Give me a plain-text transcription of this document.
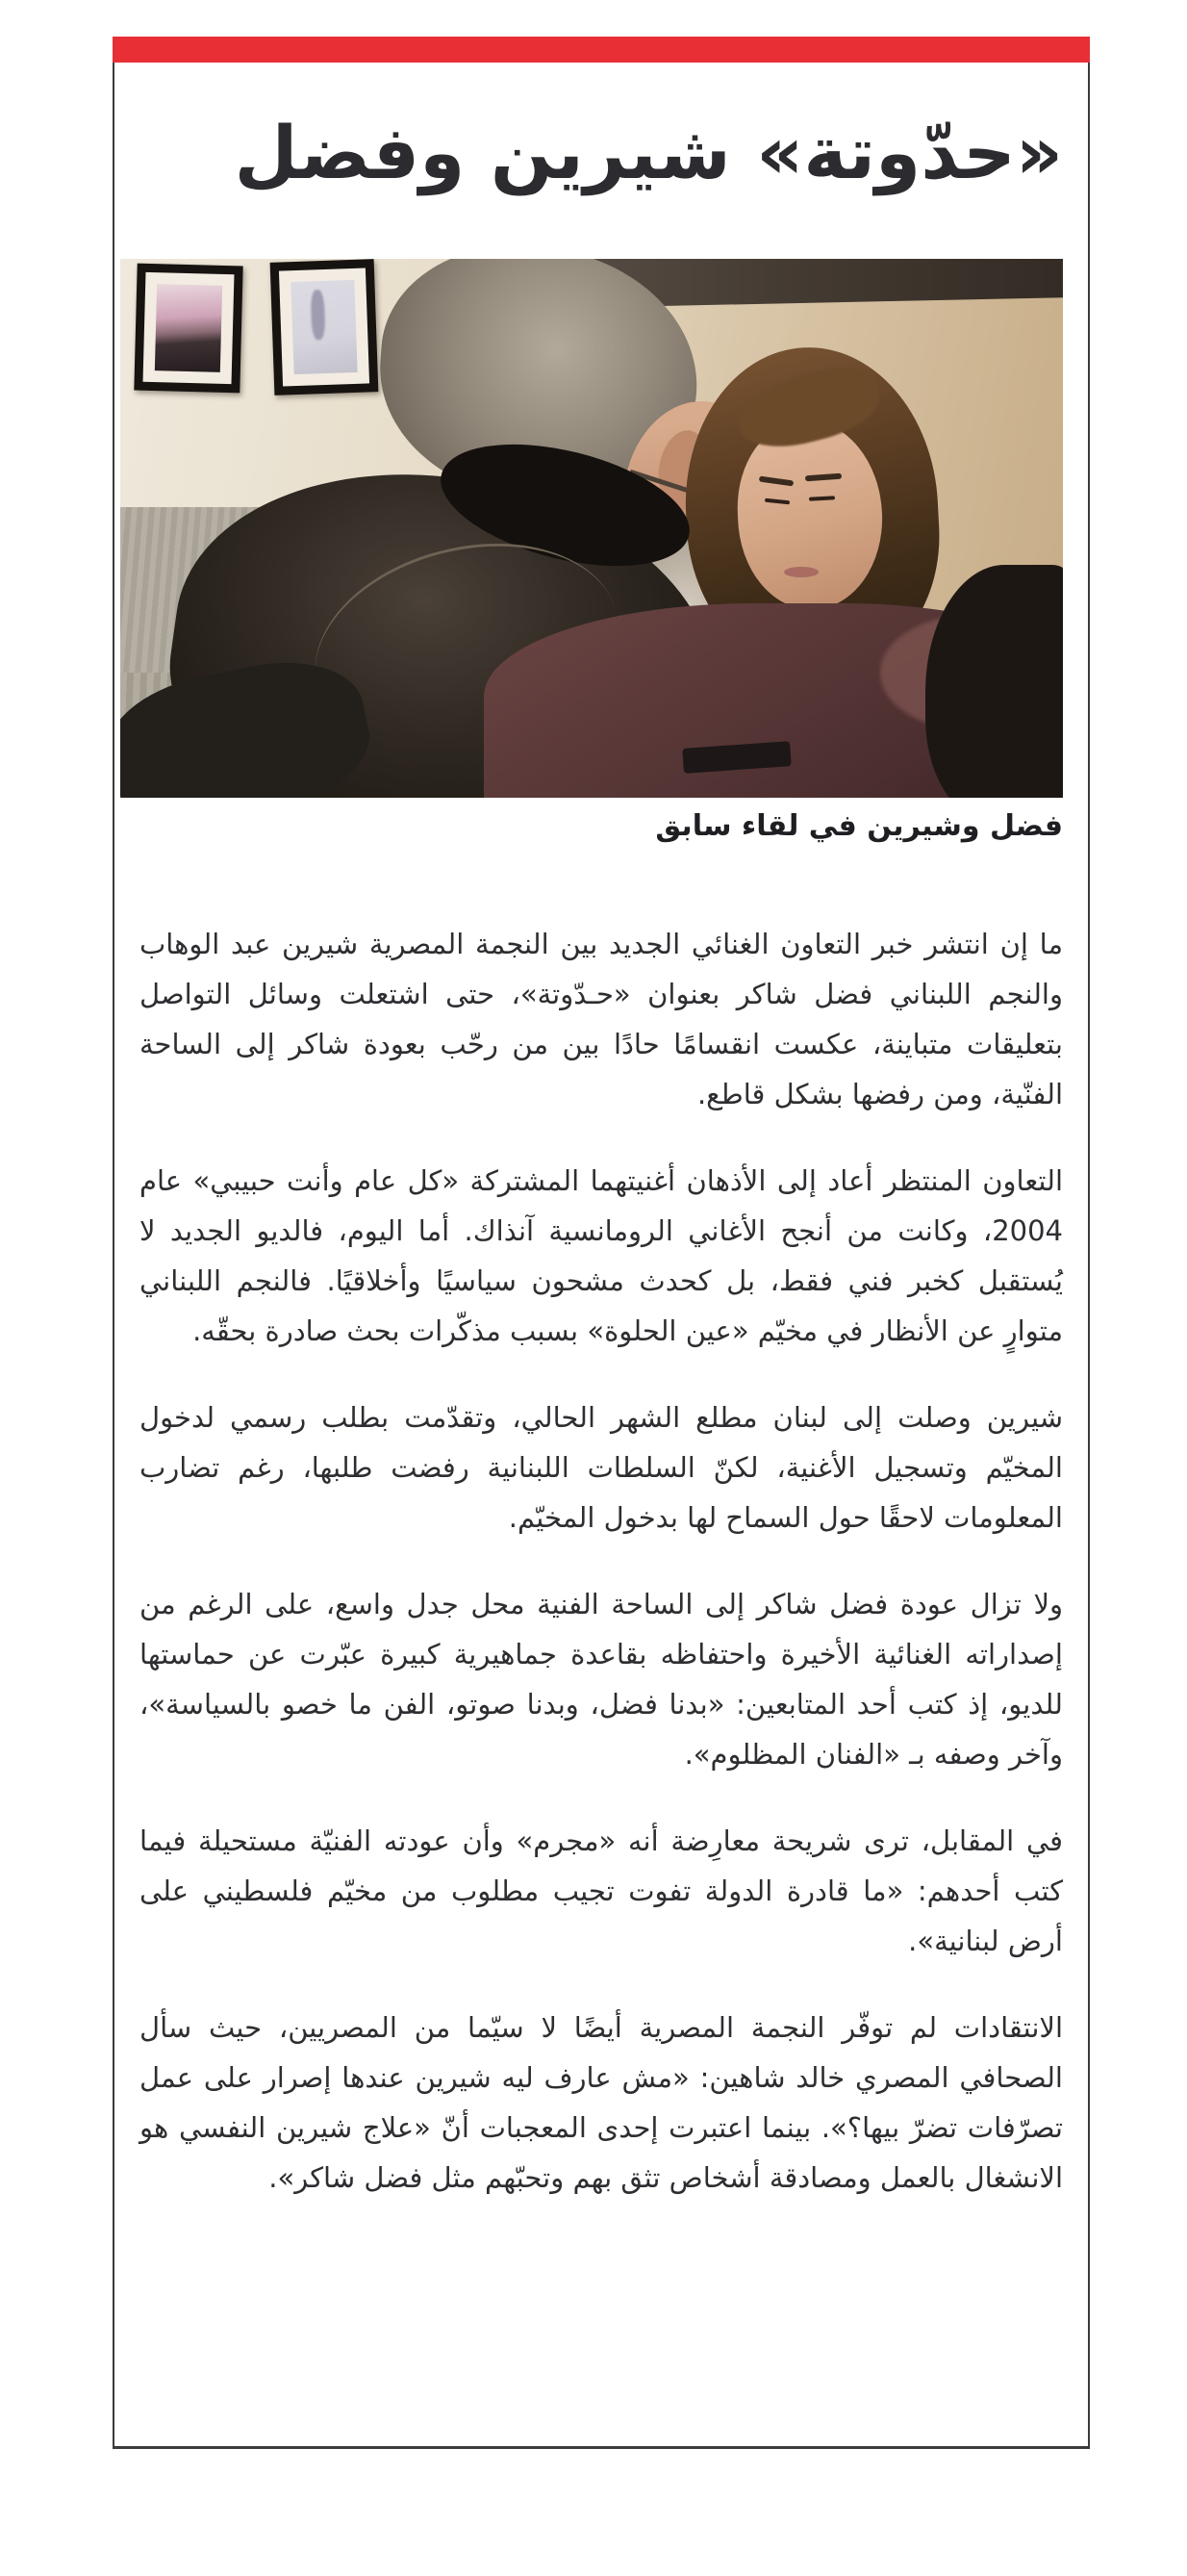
«حدّوتة» شيرين وفضل
فضل وشيرين في لقاء سابق

ما إن انتشر خبر التعاون الغنائي الجديد بين النجمة المصرية شيرين عبد الوهاب والنجم اللبناني فضل شاكر بعنوان «حـدّوتة»، حتى اشتعلت وسائل التواصل بتعليقات متباينة، عكست انقسامًا حادًا بين من رحّب بعودة شاكر إلى الساحة الفنّية، ومن رفضها بشكل قاطع.

التعاون المنتظر أعاد إلى الأذهان أغنيتهما المشتركة «كل عام وأنت حبيبي» عام 2004، وكانت من أنجح الأغاني الرومانسية آنذاك. أما اليوم، فالديو الجديد لا يُستقبل كخبر فني فقط، بل كحدث مشحون سياسيًا وأخلاقيًا. فالنجم اللبناني متوارٍ عن الأنظار في مخيّم «عين الحلوة» بسبب مذكّرات بحث صادرة بحقّه.

شيرين وصلت إلى لبنان مطلع الشهر الحالي، وتقدّمت بطلب رسمي لدخول المخيّم وتسجيل الأغنية، لكنّ السلطات اللبنانية رفضت طلبها، رغم تضارب المعلومات لاحقًا حول السماح لها بدخول المخيّم.

ولا تزال عودة فضل شاكر إلى الساحة الفنية محل جدل واسع، على الرغم من إصداراته الغنائية الأخيرة واحتفاظه بقاعدة جماهيرية كبيرة عبّرت عن حماستها للديو، إذ كتب أحد المتابعين: «بدنا فضل، وبدنا صوتو، الفن ما خصو بالسياسة»، وآخر وصفه بـ «الفنان المظلوم».

في المقابل، ترى شريحة معارِضة أنه «مجرم» وأن عودته الفنيّة مستحيلة فيما كتب أحدهم: «ما قادرة الدولة تفوت تجيب مطلوب من مخيّم فلسطيني على أرض لبنانية».

الانتقادات لم توفّر النجمة المصرية أيضًا لا سيّما من المصريين، حيث سأل الصحافي المصري خالد شاهين: «مش عارف ليه شيرين عندها إصرار على عمل تصرّفات تضرّ بيها؟». بينما اعتبرت إحدى المعجبات أنّ «علاج شيرين النفسي هو الانشغال بالعمل ومصادقة أشخاص تثق بهم وتحبّهم مثل فضل شاكر».
